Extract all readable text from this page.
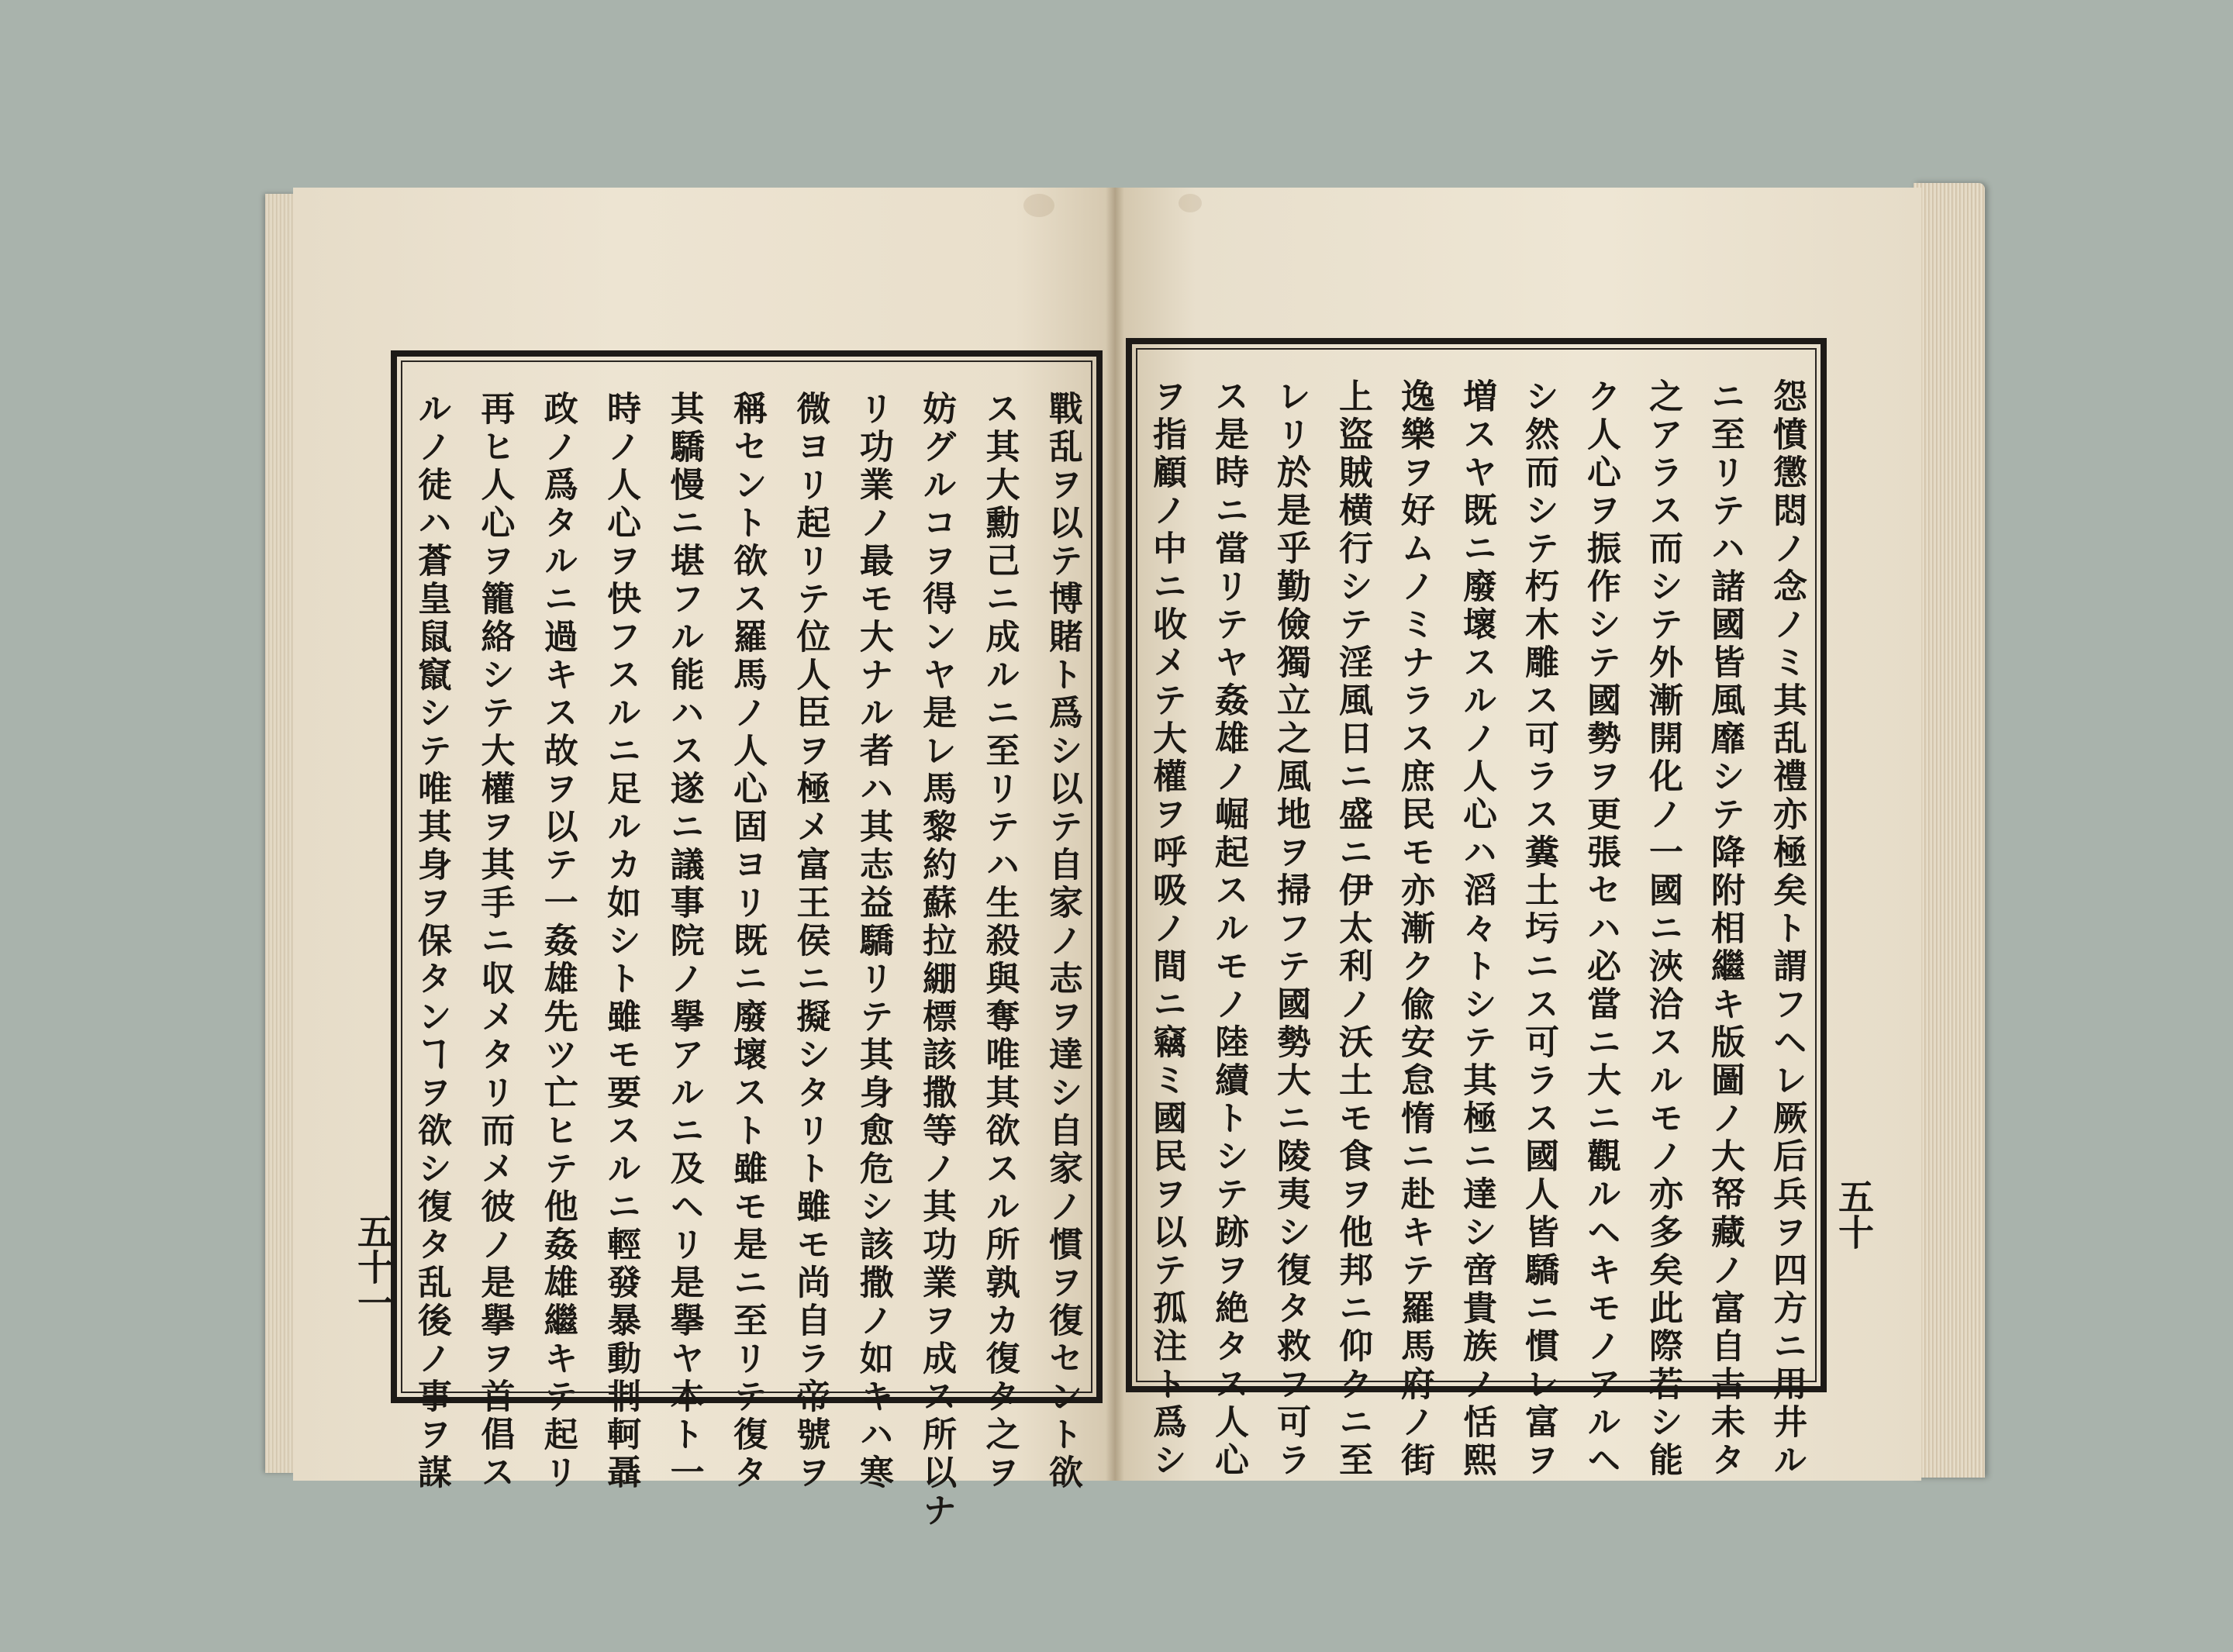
戰乱ヲ以テ博賭ト爲シ以テ自家ノ志ヲ達シ自家ノ慣ヲ復セント欲
ス其大勳己ニ成ルニ至リテハ生殺與奪唯其欲スル所孰カ復タ之ヲ
妨グルコヲ得ンヤ是レ馬黎約蘇拉綳標該撒等ノ其功業ヲ成ス所以ナ
リ功業ノ最モ大ナル者ハ其志益驕リテ其身愈危シ該撒ノ如キハ寒
微ヨリ起リテ位人臣ヲ極メ富王侯ニ擬シタリト雖モ尚自ラ帝號ヲ
稱セント欲ス羅馬ノ人心固ヨリ既ニ廢壞スト雖モ是ニ至リテ復タ
其驕慢ニ堪フル能ハス遂ニ議事院ノ擧アルニ及ヘリ是擧ヤ本ト一
時ノ人心ヲ快フスルニ足ルカ如シト雖モ要スルニ輕發暴動剕軻聶
政ノ爲タルニ過キス故ヲ以テ一姦雄先ツ亡ヒテ他姦雄繼キテ起リ
再ヒ人心ヲ籠絡シテ大權ヲ其手ニ収メタリ而メ彼ノ是擧ヲ首倡ス
ルノ徒ハ蒼皇鼠竄シテ唯其身ヲ保タンヿヲ欲シ復タ乱後ノ事ヲ謀
五十一	怨憤懲悶ノ念ノミ其乱禮亦極矣ト謂フヘレ厥后兵ヲ四方ニ用井ル
ニ至リテハ諸國皆風靡シテ降附相繼キ版圖ノ大帑藏ノ富自古未タ
之アラス而シテ外漸開化ノ一國ニ浹洽スルモノ亦多矣此際若シ能
ク人心ヲ振作シテ國勢ヲ更張セハ必當ニ大ニ觀ルヘキモノアルヘ
シ然而シテ朽木雕ス可ラス糞土圬ニス可ラス國人皆驕ニ慣レ富ヲ
増スヤ既ニ廢壞スルノ人心ハ滔々トシテ其極ニ達シ啻貴族ノ恬熙
逸樂ヲ好ムノミナラス庶民モ亦漸ク偸安怠惰ニ赴キテ羅馬府ノ街
上盜賊横行シテ淫風日ニ盛ニ伊太利ノ沃土モ食ヲ他邦ニ仰クニ至
レリ於是乎勤儉獨立之風地ヲ掃フテ國勢大ニ陵夷シ復タ救フ可ラ
ス是時ニ當リテヤ姦雄ノ崛起スルモノ陸續トシテ跡ヲ絶タス人心
ヲ指顧ノ中ニ收メテ大權ヲ呼吸ノ間ニ竊ミ國民ヲ以テ孤注ト爲シ	五十
